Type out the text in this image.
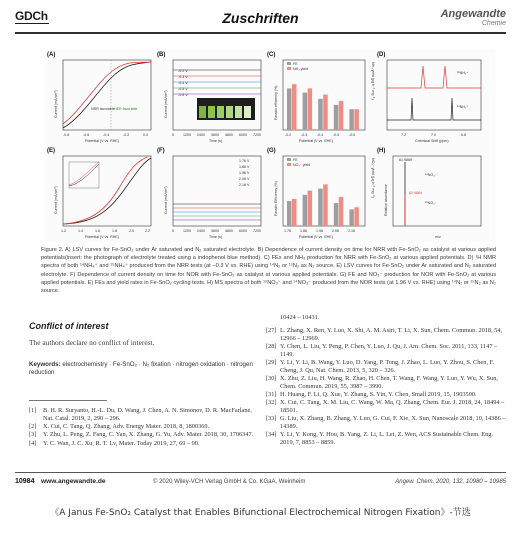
GDCh	Zuschriften	Angewandte
Chemie
(A)
NRR favorable HER favorable
-0.8	-0.6	-0.4	-0.2	0.0
Potential (V vs. RHE)
Current (mA/cm²)
(B)
-0.2 V
-0.3 V
-0.4 V
-0.5 V
-0.6 V
0	1200 2400 3600 4800 6000 7200
Time (s)
Current (mA/cm²)
(C)
FE
NH₃ yield
-0.2	-0.3	-0.4	-0.5	-0.6
Potential (V vs. RHE)
Faradic efficiency (%)
NH₃ yield (μg h⁻¹ mg⁻¹)
(D)
¹⁵NH₄⁺
¹⁴NH₄⁺
7.2	7.0	6.8
Chemical Shift (ppm)
(E)
1.2	1.4	1.6	1.8	2.0	2.2
Potential (V vs. RHE)
Current (mA/cm²)
(F)
1.76 V
1.86 V
1.96 V
2.06 V
2.16 V
0	1200 2400 3600 4800 6000 7200
Time (s)
Current (mA/cm²)
(G)
FE
NO₃⁻ yield
1.76	1.86	1.96	2.06	2.16
Potential (V vs. RHE)
Faradic Efficiency (%)
NO₃⁻ yield (μg h⁻¹ mg⁻¹)
(H)
61.9889
62.9864
¹⁴NO₃⁻
¹⁵NO₃⁻
m/z
Relative abundance
Figure 2. A) LSV curves for Fe-SnO₂ under Ar saturated and N₂ saturated electrolyte. B) Dependence of current density on time for NRR with Fe-SnO₂ as catalyst at various applied potentials(insert: the photograph of electrolyte treated using a indophenol blue method). C) FEs and NH₃ production for NRR with Fe-SnO₂ at various applied potentials. D) ¹H NMR spectra of both ¹⁴NH₄⁺ and ¹⁵NH₄⁺ produced from the NRR tests (at −0.3 V vs. RHE) using ¹⁴N₂ or ¹⁵N₂ as N₂ source. E) LSV curves for Fe-SnO₂ under Ar saturated and N₂ saturated electrolyte. F) Dependence of current density on time for NOR with Fe-SnO₂ as catalyst at various applied potentials. G) FE and NO₃⁻ production for NOR with Fe-SnO₂ at various applied potentials. E) FEs and yield rates in Fe-SnO₂ cycling tests. H) MS spectra of both ¹⁵NO₃⁻ and ¹⁴NO₃⁻ produced from the NOR tests (at 1.96 V vs. RHE) using ¹⁴N₂ or ¹⁵N₂ as N₂ source.
Conflict of interest
The authors declare no conflict of interest.
Keywords: electrochemistry · Fe-SnO₂ · N₂ fixation · nitrogen oxidation · nitrogen reduction
[1]	B. H. R. Suryanto, H.-L. Du, D. Wang, J. Chen, A. N. Simonov, D. R. MacFarlane, Nat. Catal. 2019, 2, 290 – 296.
[2]	X. Cui, C. Tang, Q. Zhang, Adv. Energy Mater. 2018, 8, 1800369.
[3]	Y. Zhu, L. Peng, Z. Fang, C. Yan, X. Zhang, G. Yu, Adv. Mater. 2018, 30, 1706347.
[4]	Y. C. Wan, J. C. Xu, R. T. Lv, Mater. Today 2019, 27, 69 – 90.
10424 – 10431.
[27] L. Zhang, X. Ren, Y. Luo, X. Shi, A. M. Asiri, T. Li, X. Sun, Chem. Commun. 2018, 54, 12966 – 12969.
[28] Y. Chen, L. Liu, Y. Peng, P. Chen, Y. Luo, J. Qu, J. Am. Chem. Soc. 2011, 133, 1147 – 1149.
[29] Y. Li, Y. Li, B. Wang, Y. Luo, D. Yang, P. Tong, J. Zhao, L. Luo, Y. Zhou, S. Chen, F. Cheng, J. Qu, Nat. Chem. 2013, 5, 320 – 326.
[30] X. Zhu, Z. Liu, H. Wang, R. Zhao, H. Chen, T. Wang, F. Wang, Y. Luo, Y. Wu, X. Sun, Chem. Commun. 2019, 55, 3987 – 3990.
[31] H. Huang, F. Li, Q. Xue, Y. Zhang, S. Yin, Y. Chen, Small 2019, 15, 1903500.
[32] X. Cui, C. Tang, X. M. Liu, C. Wang, W. Ma, Q. Zhang, Chem. Eur. J. 2018, 24, 18494 – 18501.
[33] G. Liu, X. Zhang, B. Zhang, Y. Luo, G. Cui, F. Xie, X. Sun, Nanoscale 2018, 10, 14386 – 14389.
[34] Y. Li, Y. Kong, Y. Hou, B. Yang, Z. Li, L. Lei, Z. Wen, ACS Sustainable Chem. Eng. 2019, 7, 8853 – 8859.
10984 www.angewandte.de	© 2020 Wiley-VCH Verlag GmbH & Co. KGaA, Weinheim	Angew. Chem. 2020, 132, 10980 – 10985
《A Janus Fe-SnO₂ Catalyst that Enables Bifunctional Electrochemical Nitrogen Fixation》-节选
